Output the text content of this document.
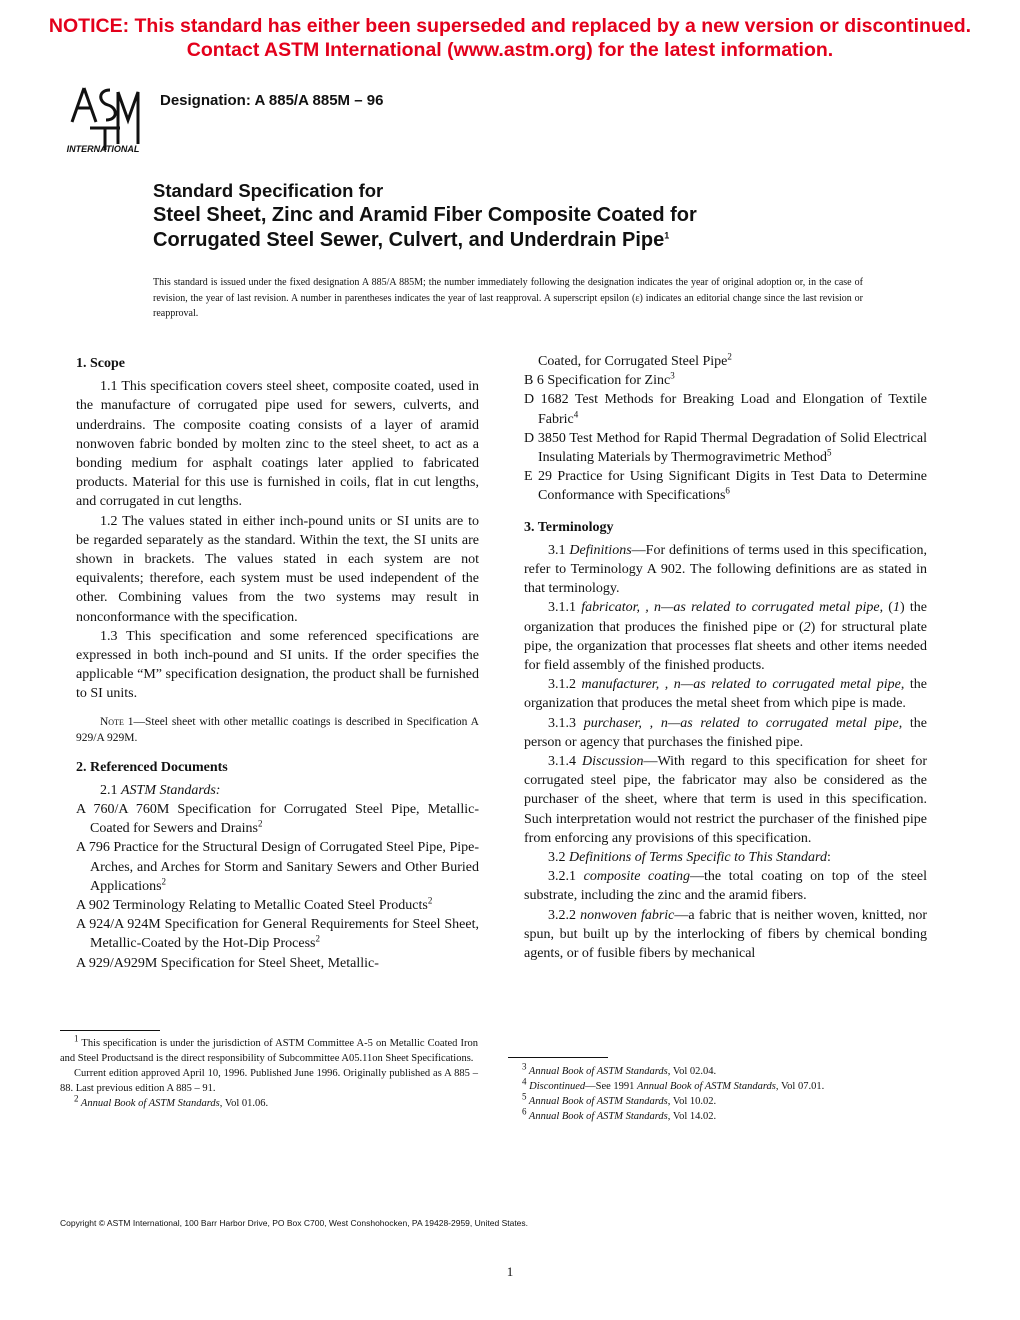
NOTICE: This standard has either been superseded and replaced by a new version or discontinued.
Contact ASTM International (www.astm.org) for the latest information.
INTERNATIONAL
Designation: A 885/A 885M – 96
Standard Specification for
Steel Sheet, Zinc and Aramid Fiber Composite Coated for
Corrugated Steel Sewer, Culvert, and Underdrain Pipe$^1$
This standard is issued under the fixed designation A 885/A 885M; the number immediately following the designation indicates the year of original adoption or, in the case of revision, the year of last revision. A number in parentheses indicates the year of last reapproval. A superscript epsilon (ε) indicates an editorial change since the last revision or reapproval.
1. Scope

1.1 This specification covers steel sheet, composite coated, used in the manufacture of corrugated pipe used for sewers, culverts, and underdrains. The composite coating consists of a layer of aramid nonwoven fabric bonded by molten zinc to the steel sheet, to act as a bonding medium for asphalt coatings later applied to fabricated products. Material for this use is furnished in coils, flat in cut lengths, and corrugated in cut lengths.

1.2 The values stated in either inch-pound units or SI units are to be regarded separately as the standard. Within the text, the SI units are shown in brackets. The values stated in each system are not equivalents; therefore, each system must be used independent of the other. Combining values from the two systems may result in nonconformance with the specification.

1.3 This specification and some referenced specifications are expressed in both inch-pound and SI units. If the order specifies the applicable “M” specification designation, the product shall be furnished to SI units.

Note 1—Steel sheet with other metallic coatings is described in Specification A 929/A 929M.

2. Referenced Documents

2.1 ASTM Standards:

A 760/A 760M Specification for Corrugated Steel Pipe, Metallic-Coated for Sewers and Drains$^2$

A 796 Practice for the Structural Design of Corrugated Steel Pipe, Pipe-Arches, and Arches for Storm and Sanitary Sewers and Other Buried Applications$^2$

A 902 Terminology Relating to Metallic Coated Steel Products$^2$

A 924/A 924M Specification for General Requirements for Steel Sheet, Metallic-Coated by the Hot-Dip Process$^2$

A 929/A929M Specification for Steel Sheet, Metallic-

Coated, for Corrugated Steel Pipe$^2$

B 6 Specification for Zinc$^3$

D 1682 Test Methods for Breaking Load and Elongation of Textile Fabric$^4$

D 3850 Test Method for Rapid Thermal Degradation of Solid Electrical Insulating Materials by Thermogravimetric Method$^5$

E 29 Practice for Using Significant Digits in Test Data to Determine Conformance with Specifications$^6$

3. Terminology

3.1 Definitions—For definitions of terms used in this specification, refer to Terminology A 902. The following definitions are as stated in that terminology.

3.1.1 fabricator, , n—as related to corrugated metal pipe, (1) the organization that produces the finished pipe or (2) for structural plate pipe, the organization that processes flat sheets and other items needed for field assembly of the finished products.

3.1.2 manufacturer, , n—as related to corrugated metal pipe, the organization that produces the metal sheet from which pipe is made.

3.1.3 purchaser, , n—as related to corrugated metal pipe, the person or agency that purchases the finished pipe.

3.1.4 Discussion—With regard to this specification for sheet for corrugated steel pipe, the fabricator may also be considered as the purchaser of the sheet, where that term is used in this specification. Such interpretation would not restrict the purchaser of the finished pipe from enforcing any provisions of this specification.

3.2 Definitions of Terms Specific to This Standard:

3.2.1 composite coating—the total coating on top of the steel substrate, including the zinc and the aramid fibers.

3.2.2 nonwoven fabric—a fabric that is neither woven, knitted, nor spun, but built up by the interlocking of fibers by chemical bonding agents, or of fusible fibers by mechanical

$^1$ This specification is under the jurisdiction of ASTM Committee A-5 on Metallic Coated Iron and Steel Productsand is the direct responsibility of Subcommittee A05.11on Sheet Specifications.

Current edition approved April 10, 1996. Published June 1996. Originally published as A 885 – 88. Last previous edition A 885 – 91.

$^2$ Annual Book of ASTM Standards, Vol 01.06.

$^3$ Annual Book of ASTM Standards, Vol 02.04.

$^4$ Discontinued—See 1991 Annual Book of ASTM Standards, Vol 07.01.

$^5$ Annual Book of ASTM Standards, Vol 10.02.

$^6$ Annual Book of ASTM Standards, Vol 14.02.

Copyright © ASTM International, 100 Barr Harbor Drive, PO Box C700, West Conshohocken, PA 19428-2959, United States.
1
